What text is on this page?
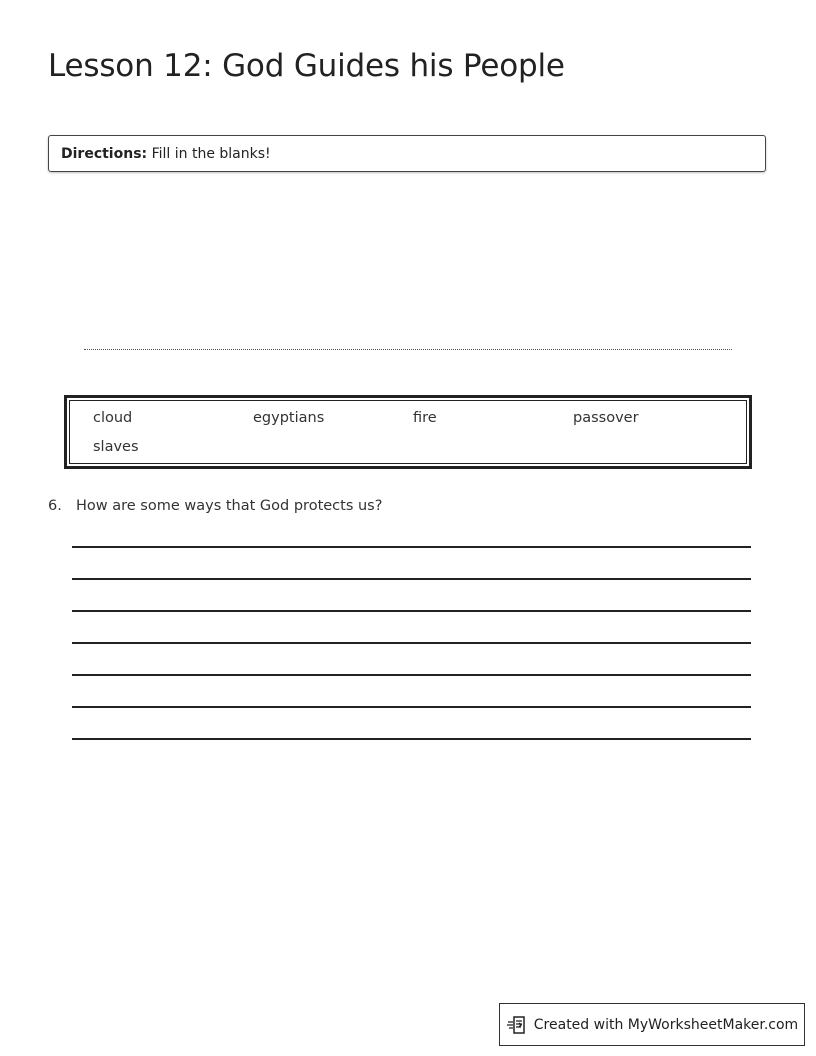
Lesson 12: God Guides his People
Directions: Fill in the blanks!
cloud	egyptians	fire	passover
slaves
6. How are some ways that God protects us?
Created with MyWorksheetMaker.com
